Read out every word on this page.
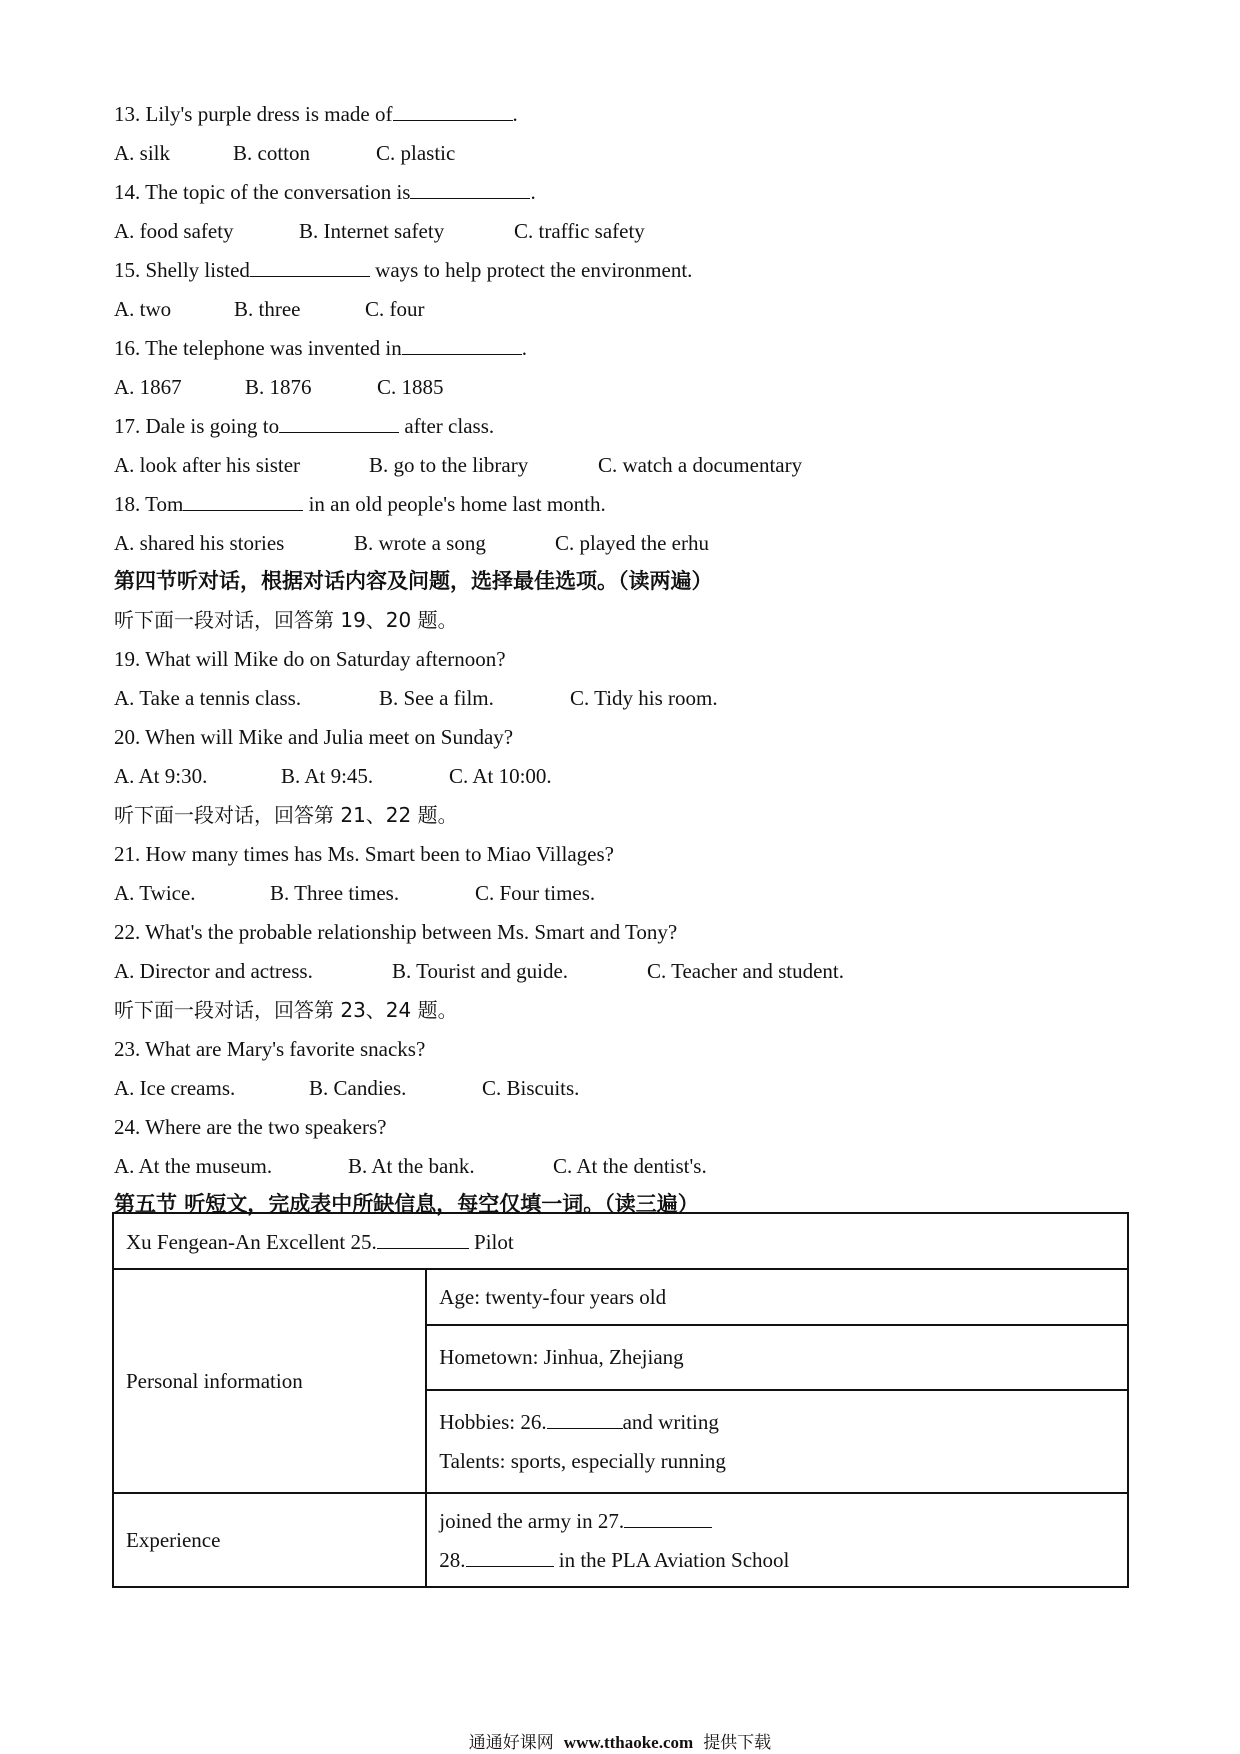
13. Lily's purple dress is made of	.
A. silk	B. cotton	C. plastic
14. The topic of the conversation is	.
A. food safety	B. Internet safety	C. traffic safety
15. Shelly listed	ways to help protect the environment.
A. two	B. three	C. four
16. The telephone was invented in	.
A. 1867	B. 1876	C. 1885
17. Dale is going to	after class.
A. look after his sister	B. go to the library	C. watch a documentary
18. Tom	in an old people's home last month.
A. shared his stories	B. wrote a song	C. played the erhu
第四节听对话，根据对话内容及问题，选择最佳选项。（读两遍）
听下面一段对话，回答第 19、20 题。
19. What will Mike do on Saturday afternoon?
A. Take a tennis class.	B. See a film.	C. Tidy his room.
20. When will Mike and Julia meet on Sunday?
A. At 9:30.	B. At 9:45.	C. At 10:00.
听下面一段对话，回答第 21、22 题。
21. How many times has Ms. Smart been to Miao Villages?
A. Twice.	B. Three times.	C. Four times.
22. What's the probable relationship between Ms. Smart and Tony?
A. Director and actress.	B. Tourist and guide.	C. Teacher and student.
听下面一段对话，回答第 23、24 题。
23. What are Mary's favorite snacks?
A. Ice creams.	B. Candies.	C. Biscuits.
24. Where are the two speakers?
A. At the museum.	B. At the bank.	C. At the dentist's.
第五节 听短文，完成表中所缺信息，每空仅填一词。（读三遍）
Xu Fengean-An Excellent 25. Pilot	
Personal information	Age: twenty-four years old
	Hometown: Jinhua, Zhejiang

	Hobbies: 26. and writing
Talents: sports, especially running

Experience	joined the army in 27.
28. in the PLA Aviation School
通通好课网 www.tthaoke.com 提供下载
